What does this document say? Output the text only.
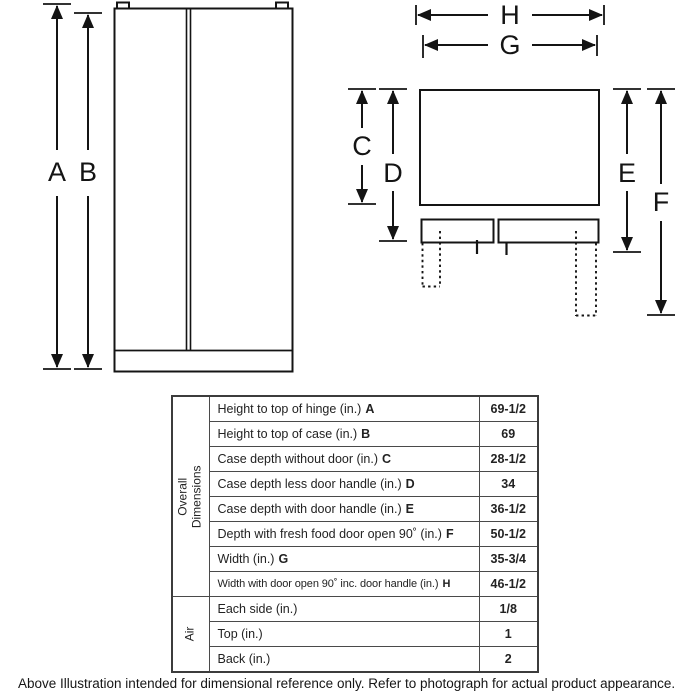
A B
H
G
C
D	E
F
Overall Dimensions	Height to top of hinge (in.) A	69-1/2
	Height to top of case (in.) B	69
	Case depth without door (in.) C	28-1/2
	Case depth less door handle (in.) D	34
	Case depth with door handle (in.) E	36-1/2
	Depth with fresh food door open 90˚ (in.) F	50-1/2
	Width (in.) G	35-3/4
	Width with door open 90˚ inc. door handle (in.) H	46-1/2

Air	Each side (in.)	1/8
	Top (in.)	1
	Back (in.)	2

Above Illustration intended for dimensional reference only. Refer to photograph for actual product appearance.
